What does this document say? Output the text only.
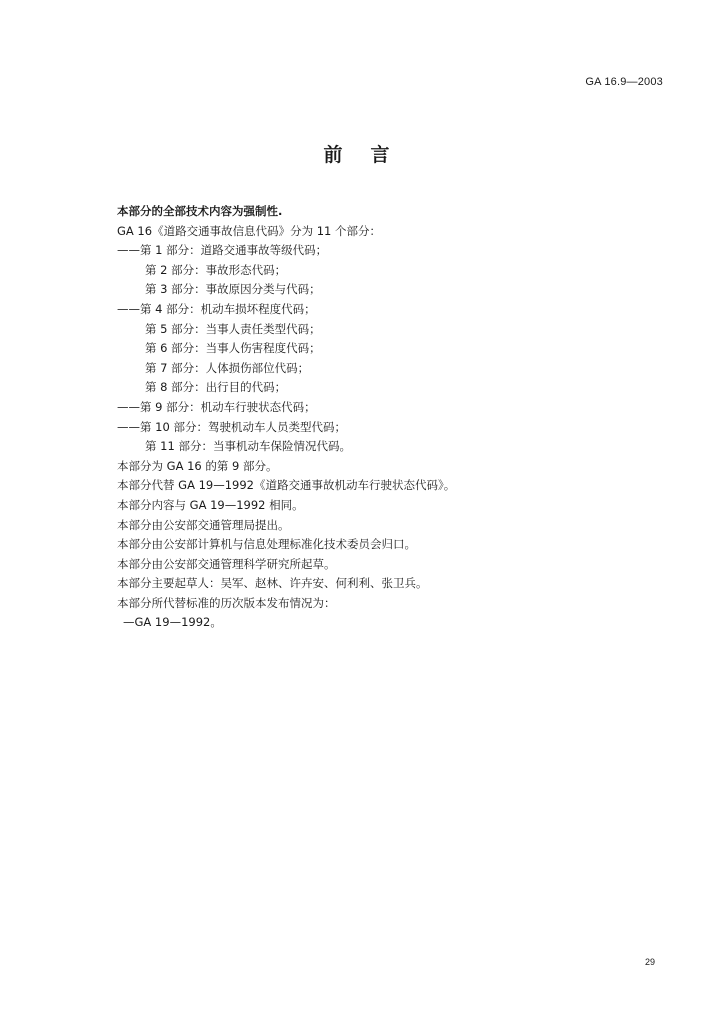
GA 16.9—2003
前言
本部分的全部技术内容为强制性.
GA 16《道路交通事故信息代码》分为 11 个部分：
——第 1 部分：道路交通事故等级代码；
第 2 部分：事故形态代码；
第 3 部分：事故原因分类与代码；
——第 4 部分：机动车损坏程度代码；
第 5 部分：当事人责任类型代码；
第 6 部分：当事人伤害程度代码；
第 7 部分：人体损伤部位代码；
第 8 部分：出行目的代码；
——第 9 部分：机动车行驶状态代码；
——第 10 部分：驾驶机动车人员类型代码；
第 11 部分：当事机动车保险情况代码。
本部分为 GA 16 的第 9 部分。
本部分代替 GA 19—1992《道路交通事故机动车行驶状态代码》。
本部分内容与 GA 19—1992 相同。
本部分由公安部交通管理局提出。
本部分由公安部计算机与信息处理标准化技术委员会归口。
本部分由公安部交通管理科学研究所起草。
本部分主要起草人：吴军、赵林、许卉安、何利利、张卫兵。
本部分所代替标准的历次版本发布情况为：
—GA 19—1992。
29
